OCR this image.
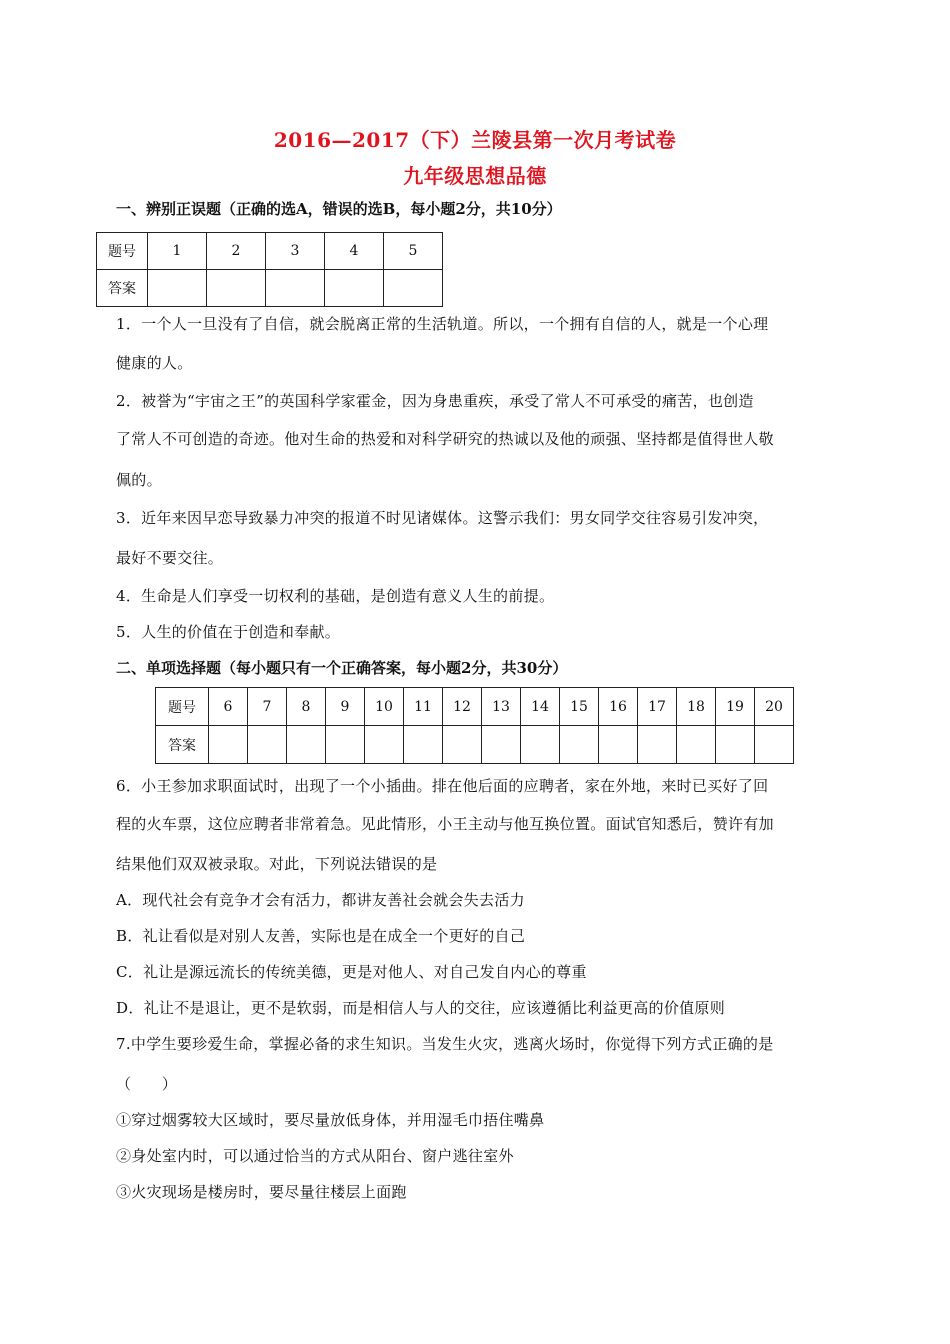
2016—2017（下）兰陵县第一次月考试卷
九年级思想品德
一、辨别正误题（正确的选A，错误的选B，每小题2分，共10分）
题号	1	2	3	4	5
答案					
1．一个人一旦没有了自信，就会脱离正常的生活轨道。所以，一个拥有自信的人，就是一个心理
健康的人。
2．被誉为“宇宙之王”的英国科学家霍金，因为身患重疾，承受了常人不可承受的痛苦，也创造
了常人不可创造的奇迹。他对生命的热爱和对科学研究的热诚以及他的顽强、坚持都是值得世人敬
佩的。
3．近年来因早恋导致暴力冲突的报道不时见诸媒体。这警示我们：男女同学交往容易引发冲突，
最好不要交往。
4．生命是人们享受一切权利的基础，是创造有意义人生的前提。
5．人生的价值在于创造和奉献。
二、单项选择题（每小题只有一个正确答案，每小题2分，共30分）
题号	6	7	8	9	10	11	12	13	14	15	16	17	18	19	20
答案															
6．小王参加求职面试时，出现了一个小插曲。排在他后面的应聘者，家在外地，来时已买好了回
程的火车票，这位应聘者非常着急。见此情形，小王主动与他互换位置。面试官知悉后，赞许有加
结果他们双双被录取。对此，下列说法错误的是
A．现代社会有竞争才会有活力，都讲友善社会就会失去活力
B．礼让看似是对别人友善，实际也是在成全一个更好的自己
C．礼让是源远流长的传统美德，更是对他人、对自己发自内心的尊重
D．礼让不是退让，更不是软弱，而是相信人与人的交往，应该遵循比利益更高的价值原则
7.中学生要珍爱生命，掌握必备的求生知识。当发生火灾，逃离火场时，你觉得下列方式正确的是
（　　）
①穿过烟雾较大区域时，要尽量放低身体，并用湿毛巾捂住嘴鼻
②身处室内时，可以通过恰当的方式从阳台、窗户逃往室外
③火灾现场是楼房时，要尽量往楼层上面跑
